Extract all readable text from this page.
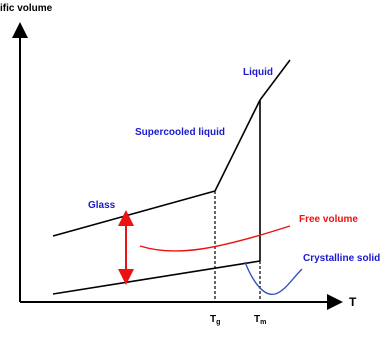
ific volume
T
Liquid
Supercooled liquid
Glass
Free volume
Crystalline solid
$T_g$	$T_m$
